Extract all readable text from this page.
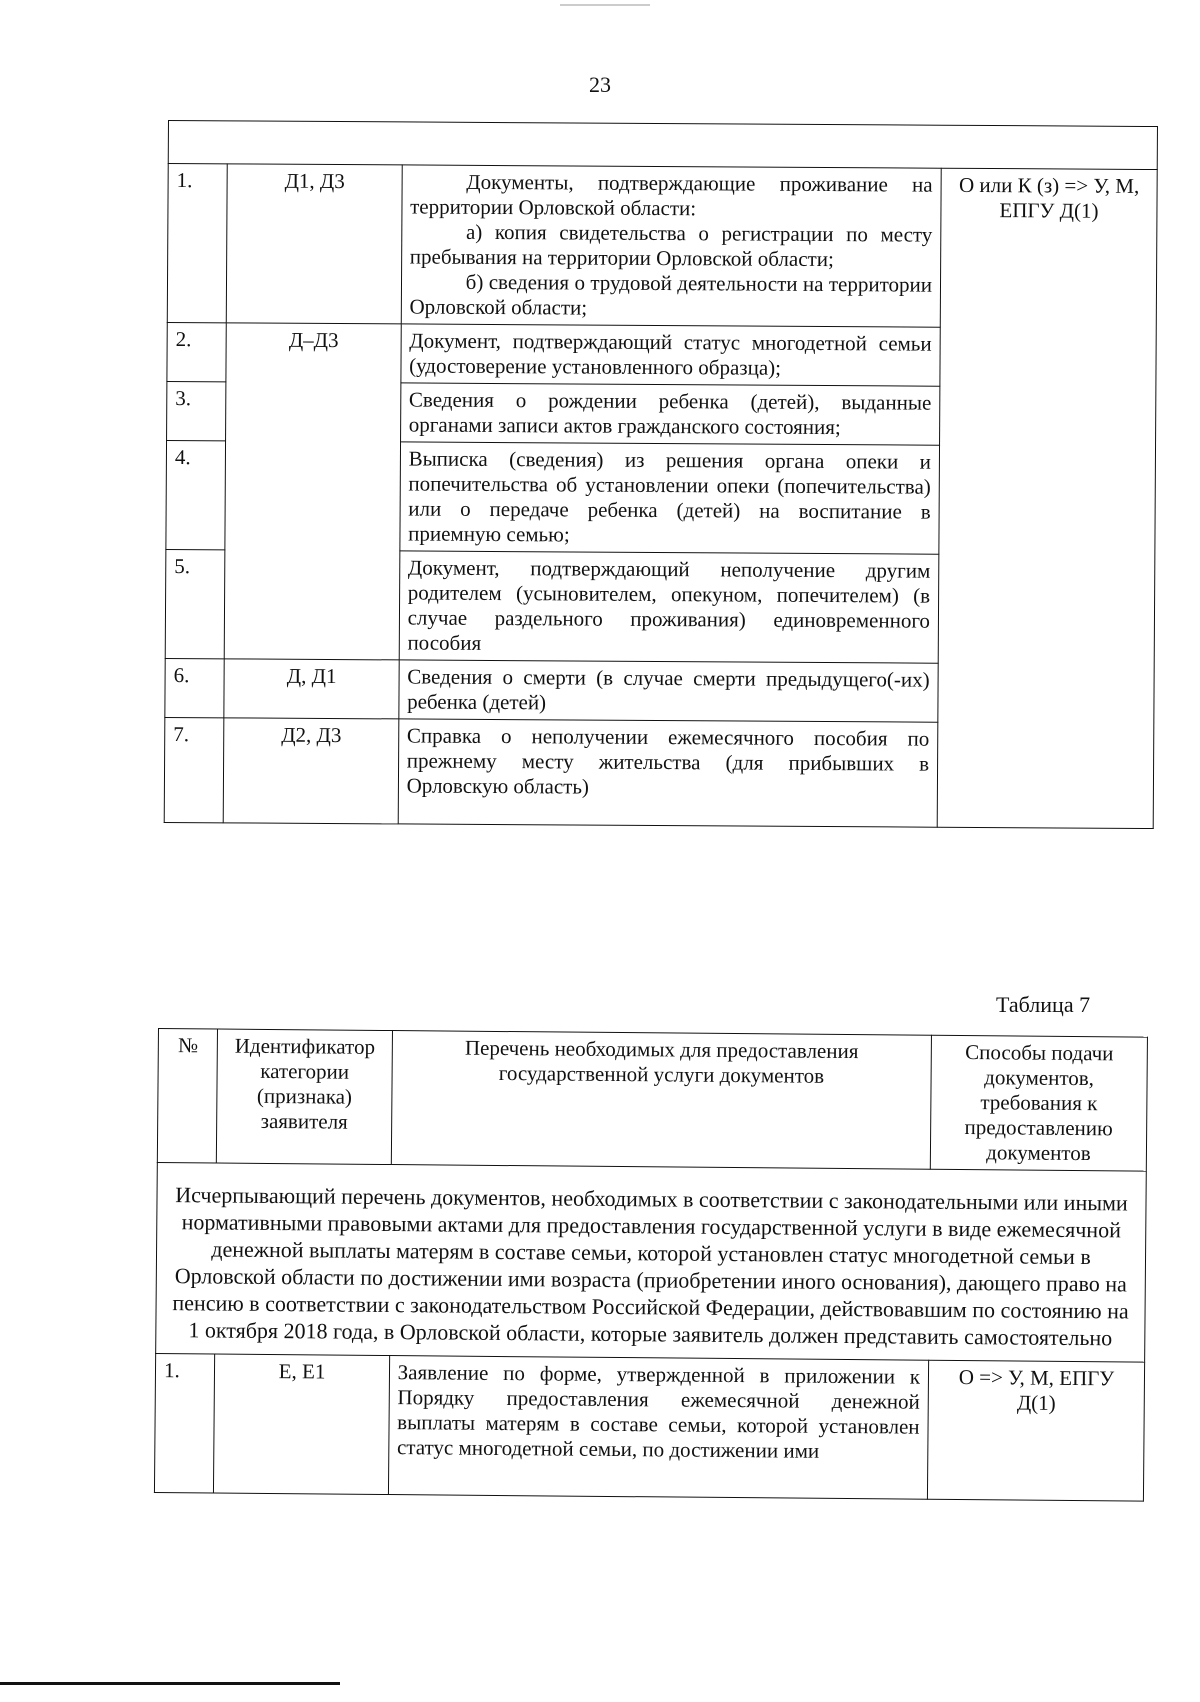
23

1.	Д1, Д3	Документы, подтверждающие проживание на территории Орловской области:
а) копия свидетельства о регистрации по месту пребывания на территории Орловской области;
б) сведения о трудовой деятельности на территории Орловской области;	О или К (з) => У, М, ЕПГУ Д(1)
2.	Д–Д3	Документ, подтверждающий статус многодетной семьи (удостоверение установленного образца);	
3.		Сведения о рождении ребенка (детей), выданные органами записи актов гражданского состояния;	
4.		Выписка (сведения) из решения органа опеки и попечительства об установлении опеки (попечительства) или о передаче ребенка (детей) на воспитание в приемную семью;	
5.		Документ, подтверждающий неполучение другим родителем (усыновителем, опекуном, попечителем) (в случае раздельного проживания) единовременного пособия	
6.	Д, Д1	Сведения о смерти (в случае смерти предыдущего(-их) ребенка (детей)	
7.	Д2, Д3	Справка о неполучении ежемесячного пособия по прежнему месту жительства (для прибывших в Орловскую область)	
Таблица 7
№	Идентификатор категории (признака) заявителя	Перечень необходимых для предоставления государственной услуги документов	Способы подачи документов, требования к предоставлению документов
Исчерпывающий перечень документов, необходимых в соответствии с законодательными или иными нормативными правовыми актами для предоставления государственной услуги в виде ежемесячной денежной выплаты матерям в составе семьи, которой установлен статус многодетной семьи в Орловской области по достижении ими возраста (приобретении иного основания), дающего право на пенсию в соответствии с законодательством Российской Федерации, действовавшим по состоянию на 1 октября 2018 года, в Орловской области, которые заявитель должен представить самостоятельно			
1.	Е, Е1	Заявление по форме, утвержденной в приложении к Порядку предоставления ежемесячной денежной выплаты матерям в составе семьи, которой установлен статус многодетной семьи, по достижении ими	О => У, М, ЕПГУ Д(1)
